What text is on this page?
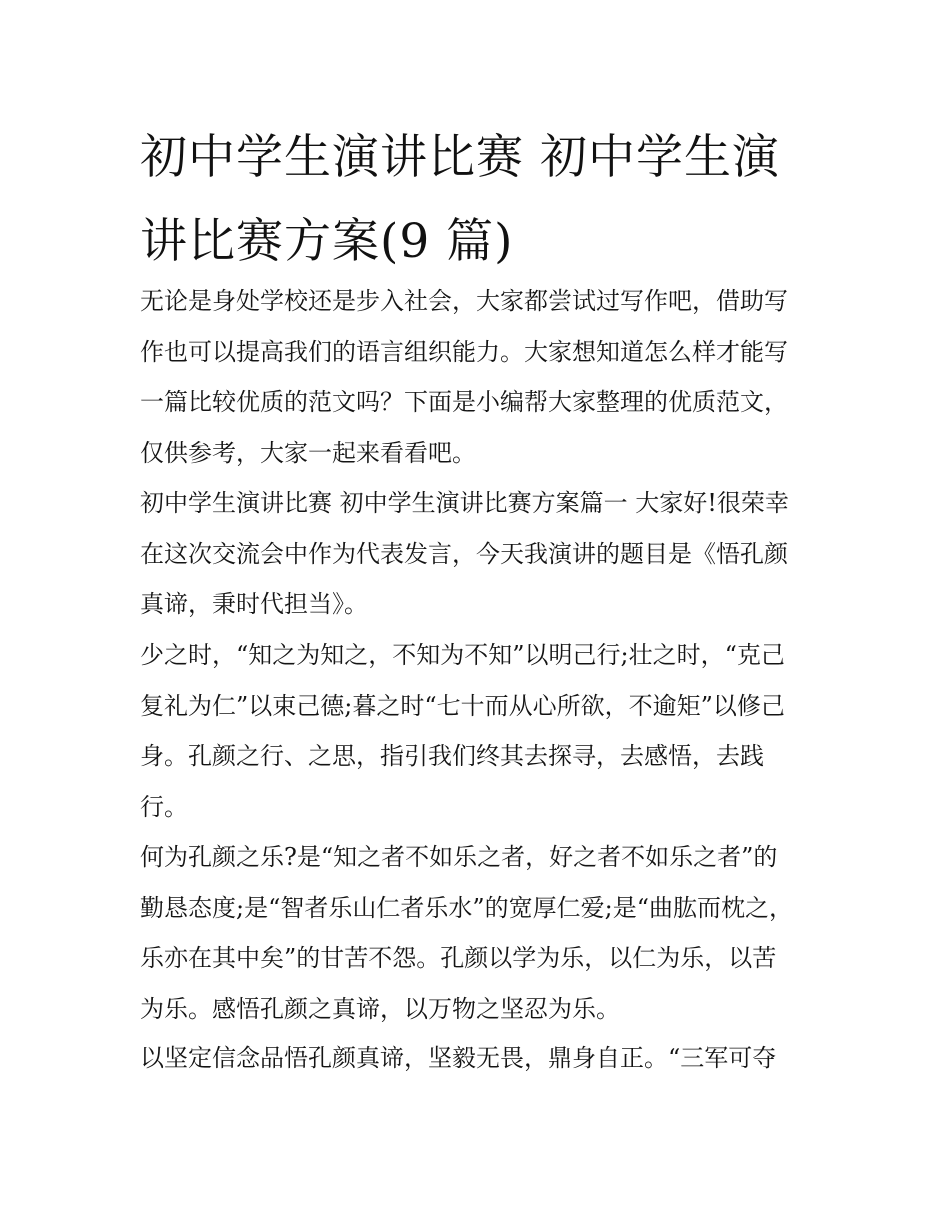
初中学生演讲比赛 初中学生演
讲比赛方案(9 篇)

无论是身处学校还是步入社会，大家都尝试过写作吧，借助写
作也可以提高我们的语言组织能力。大家想知道怎么样才能写
一篇比较优质的范文吗？下面是小编帮大家整理的优质范文，
仅供参考，大家一起来看看吧。

初中学生演讲比赛 初中学生演讲比赛方案篇一 大家好!很荣幸
在这次交流会中作为代表发言，今天我演讲的题目是《悟孔颜
真谛，秉时代担当》。

少之时，“知之为知之，不知为不知”以明己行;壮之时，“克己
复礼为仁”以束己德;暮之时“七十而从心所欲，不逾矩”以修己
身。孔颜之行、之思，指引我们终其去探寻，去感悟，去践
行。

何为孔颜之乐?是“知之者不如乐之者，好之者不如乐之者”的
勤恳态度;是“智者乐山仁者乐水”的宽厚仁爱;是“曲肱而枕之，
乐亦在其中矣”的甘苦不怨。孔颜以学为乐，以仁为乐，以苦
为乐。感悟孔颜之真谛，以万物之坚忍为乐。

以坚定信念品悟孔颜真谛，坚毅无畏，鼎身自正。“三军可夺
